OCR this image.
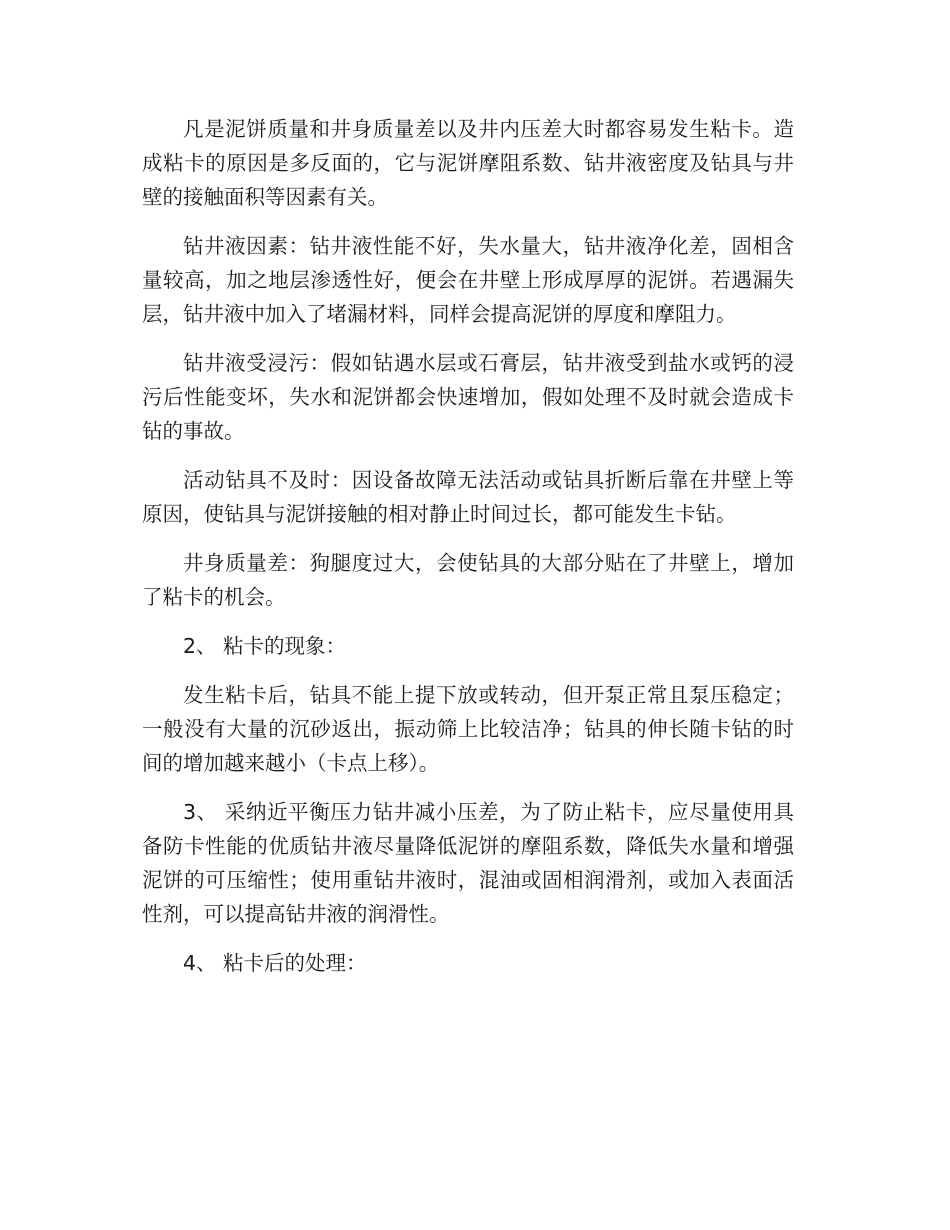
凡是泥饼质量和井身质量差以及井内压差大时都容易发生粘卡。造成粘卡的原因是多反面的，它与泥饼摩阻系数、钻井液密度及钻具与井壁的接触面积等因素有关。

钻井液因素：钻井液性能不好，失水量大，钻井液净化差，固相含量较高，加之地层渗透性好，便会在井壁上形成厚厚的泥饼。若遇漏失层，钻井液中加入了堵漏材料，同样会提高泥饼的厚度和摩阻力。

钻井液受浸污：假如钻遇水层或石膏层，钻井液受到盐水或钙的浸污后性能变坏，失水和泥饼都会快速增加，假如处理不及时就会造成卡钻的事故。

活动钻具不及时：因设备故障无法活动或钻具折断后靠在井壁上等原因，使钻具与泥饼接触的相对静止时间过长，都可能发生卡钻。

井身质量差：狗腿度过大，会使钻具的大部分贴在了井壁上，增加了粘卡的机会。

2、 粘卡的现象：

发生粘卡后，钻具不能上提下放或转动，但开泵正常且泵压稳定；一般没有大量的沉砂返出，振动筛上比较洁净；钻具的伸长随卡钻的时间的增加越来越小（卡点上移）。

3、 采纳近平衡压力钻井减小压差，为了防止粘卡，应尽量使用具备防卡性能的优质钻井液尽量降低泥饼的摩阻系数，降低失水量和增强泥饼的可压缩性；使用重钻井液时，混油或固相润滑剂，或加入表面活性剂，可以提高钻井液的润滑性。

4、 粘卡后的处理：
